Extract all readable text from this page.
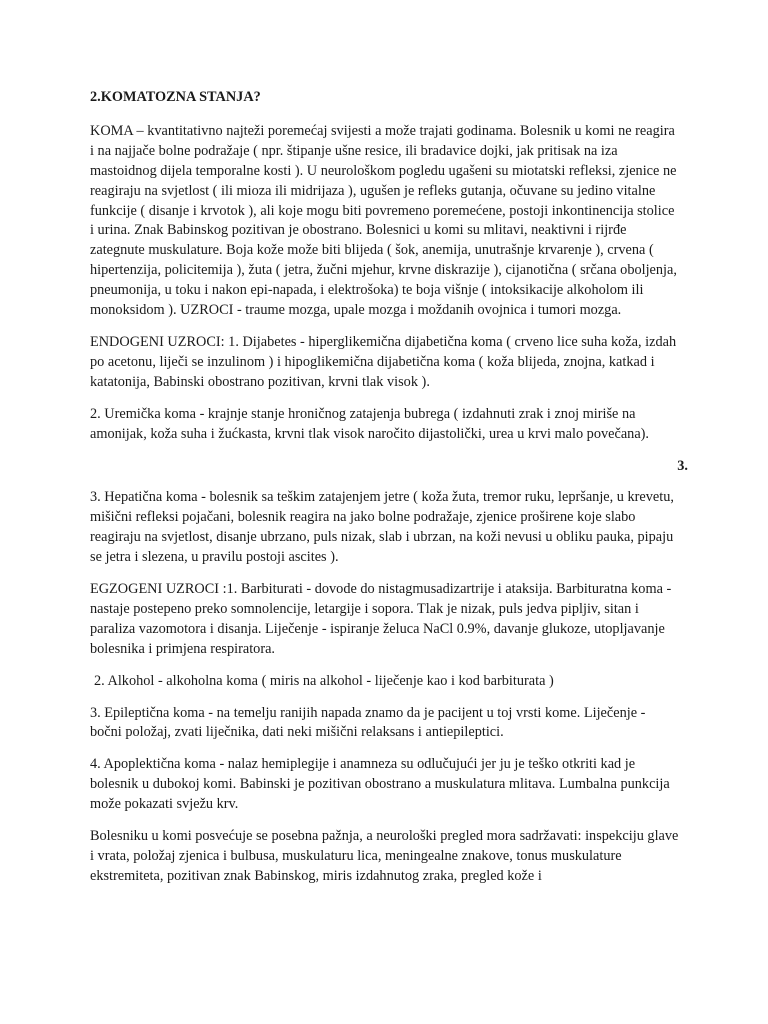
2.KOMATOZNA STANJA?

KOMA – kvantitativno najteži poremećaj svijesti a može trajati godinama. Bolesnik u komi ne reagira i na najjače bolne podražaje ( npr. štipanje ušne resice, ili bradavice dojki, jak pritisak na iza mastoidnog dijela temporalne kosti ). U neurološkom pogledu ugašeni su miotatski refleksi, zjenice ne reagiraju na svjetlost ( ili mioza ili midrijaza ), ugušen je refleks gutanja, očuvane su jedino vitalne funkcije ( disanje i krvotok ), ali koje mogu biti povremeno poremećene, postoji inkontinencija stolice i urina. Znak Babinskog pozitivan je obostrano. Bolesnici u komi su mlitavi, neaktivni i rijrđe zategnute muskulature. Boja kože može biti blijeda ( šok, anemija, unutrašnje krvarenje ), crvena ( hipertenzija, policitemija ), žuta ( jetra, žučni mjehur, krvne diskrazije ), cijanotična ( srčana oboljenja, pneumonija, u toku i nakon epi-napada, i elektrošoka) te boja višnje ( intoksikacije alkoholom ili monoksidom ). UZROCI - traume mozga, upale mozga i moždanih ovojnica i tumori mozga.

ENDOGENI UZROCI: 1. Dijabetes - hiperglikemična dijabetična koma ( crveno lice suha koža, izdah po acetonu, liječi se inzulinom ) i hipoglikemična dijabetična koma ( koža blijeda, znojna, katkad i katatonija, Babinski obostrano pozitivan, krvni tlak visok ).

2. Uremička koma - krajnje stanje hroničnog zatajenja bubrega ( izdahnuti zrak i znoj miriše na amonijak, koža suha i žućkasta, krvni tlak visok naročito dijastolički, urea u krvi malo povečana).

3.

3. Hepatična koma - bolesnik sa teškim zatajenjem jetre ( koža žuta, tremor ruku, lepršanje, u krevetu, mišični refleksi pojačani, bolesnik reagira na jako bolne podražaje, zjenice proširene koje slabo reagiraju na svjetlost, disanje ubrzano, puls nizak, slab i ubrzan, na koži nevusi u obliku pauka, pipaju se jetra i slezena, u pravilu postoji ascites ).

EGZOGENI UZROCI :1. Barbiturati - dovode do nistagmusadizartrije i ataksija. Barbituratna koma - nastaje postepeno preko somnolencije, letargije i sopora. Tlak je nizak, puls jedva pipljiv, sitan i paraliza vazomotora i disanja. Liječenje - ispiranje želuca NaCl 0.9%, davanje glukoze, utopljavanje bolesnika i primjena respiratora.

2. Alkohol - alkoholna koma ( miris na alkohol - liječenje kao i kod barbiturata )

3. Epileptična koma - na temelju ranijih napada znamo da je pacijent u toj vrsti kome. Liječenje - bočni položaj, zvati liječnika, dati neki mišični relaksans i antiepileptici.

4. Apoplektična koma - nalaz hemiplegije i anamneza su odlučujući jer ju je teško otkriti kad je bolesnik u dubokoj komi. Babinski je pozitivan obostrano a muskulatura mlitava. Lumbalna punkcija može pokazati svježu krv.

Bolesniku u komi posvećuje se posebna pažnja, a neurološki pregled mora sadržavati: inspekciju glave i vrata, položaj zjenica i bulbusa, muskulaturu lica, meningealne znakove, tonus muskulature ekstremiteta, pozitivan znak Babinskog, miris izdahnutog zraka, pregled kože i
